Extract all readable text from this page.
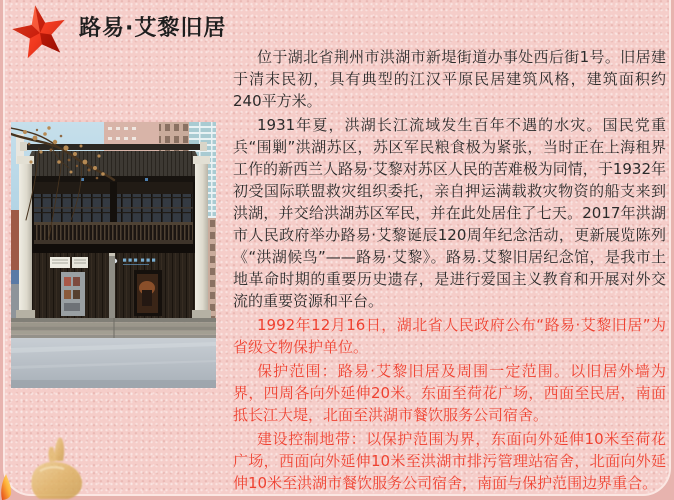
路易·艾黎旧居

位于湖北省荆州市洪湖市新堤街道办事处西后街1号。旧居建于清末民初，具有典型的江汉平原民居建筑风格，建筑面积约240平方米。

1931年夏，洪湖长江流域发生百年不遇的水灾。国民党重兵“围剿”洪湖苏区，苏区军民粮食极为紧张，当时正在上海租界工作的新西兰人路易·艾黎对苏区人民的苦难极为同情，于1932年初受国际联盟救灾组织委托，亲自押运满载救灾物资的船支来到洪湖，并交给洪湖苏区军民，并在此处居住了七天。2017年洪湖市人民政府举办路易·艾黎诞辰120周年纪念活动，更新展览陈列《“洪湖候鸟”——路易·艾黎》。路易.艾黎旧居纪念馆，是我市土地革命时期的重要历史遗存，是进行爱国主义教育和开展对外交流的重要资源和平台。

1992年12月16日，湖北省人民政府公布“路易·艾黎旧居”为省级文物保护单位。

保护范围：路易·艾黎旧居及周围一定范围。以旧居外墙为界，四周各向外延伸20米。东面至荷花广场，西面至民居，南面抵长江大堤，北面至洪湖市餐饮服务公司宿舍。

建设控制地带：以保护范围为界，东面向外延伸10米至荷花广场，西面向外延伸10米至洪湖市排污管理站宿舍，北面向外延伸10米至洪湖市餐饮服务公司宿舍，南面与保护范围边界重合。
